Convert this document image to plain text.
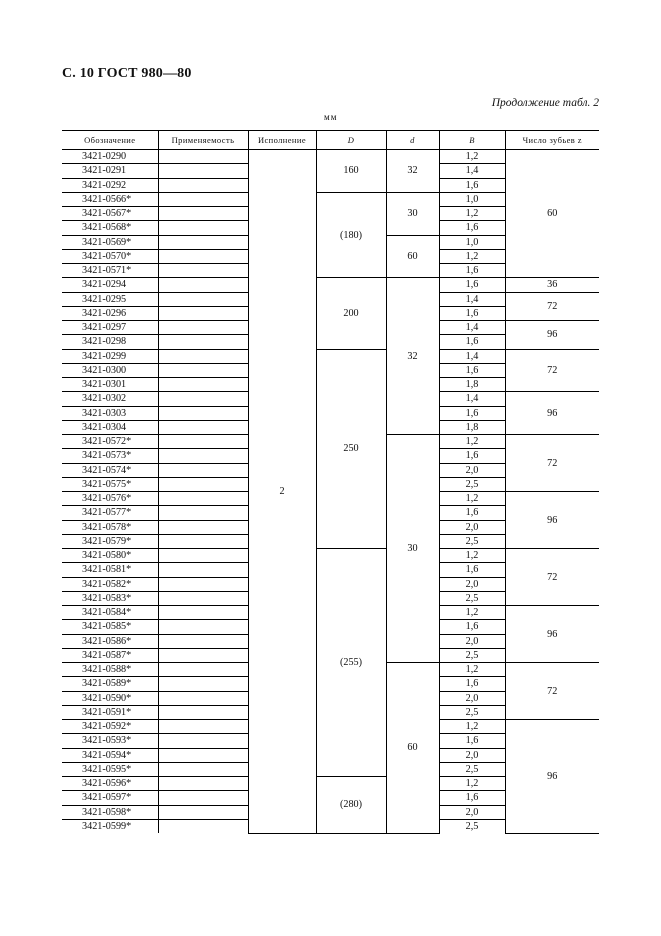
С. 10 ГОСТ 980—80
Продолжение табл. 2
мм
Обозначение	Применяемость	Исполнение	D	d	B	Число зубьев z
3421-0290		2	160	32	1,2	60
3421-0291					1,4	
3421-0292					1,6	
3421-0566*			(180)	30	1,0	
3421-0567*					1,2	
3421-0568*					1,6	
3421-0569*				60	1,0	
3421-0570*					1,2	
3421-0571*					1,6	
3421-0294			200	32	1,6	36
3421-0295					1,4	72
3421-0296					1,6	
3421-0297					1,4	96
3421-0298					1,6	
3421-0299			250		1,4	72
3421-0300					1,6	
3421-0301					1,8	
3421-0302					1,4	96
3421-0303					1,6	
3421-0304					1,8	
3421-0572*				30	1,2	72
3421-0573*					1,6	
3421-0574*					2,0	
3421-0575*					2,5	
3421-0576*					1,2	96
3421-0577*					1,6	
3421-0578*					2,0	
3421-0579*					2,5	
3421-0580*			(255)		1,2	72
3421-0581*					1,6	
3421-0582*					2,0	
3421-0583*					2,5	
3421-0584*					1,2	96
3421-0585*					1,6	
3421-0586*					2,0	
3421-0587*					2,5	
3421-0588*				60	1,2	72
3421-0589*					1,6	
3421-0590*					2,0	
3421-0591*					2,5	
3421-0592*					1,2	96
3421-0593*					1,6	
3421-0594*					2,0	
3421-0595*					2,5	
3421-0596*			(280)		1,2	
3421-0597*					1,6	
3421-0598*					2,0	
3421-0599*					2,5	
